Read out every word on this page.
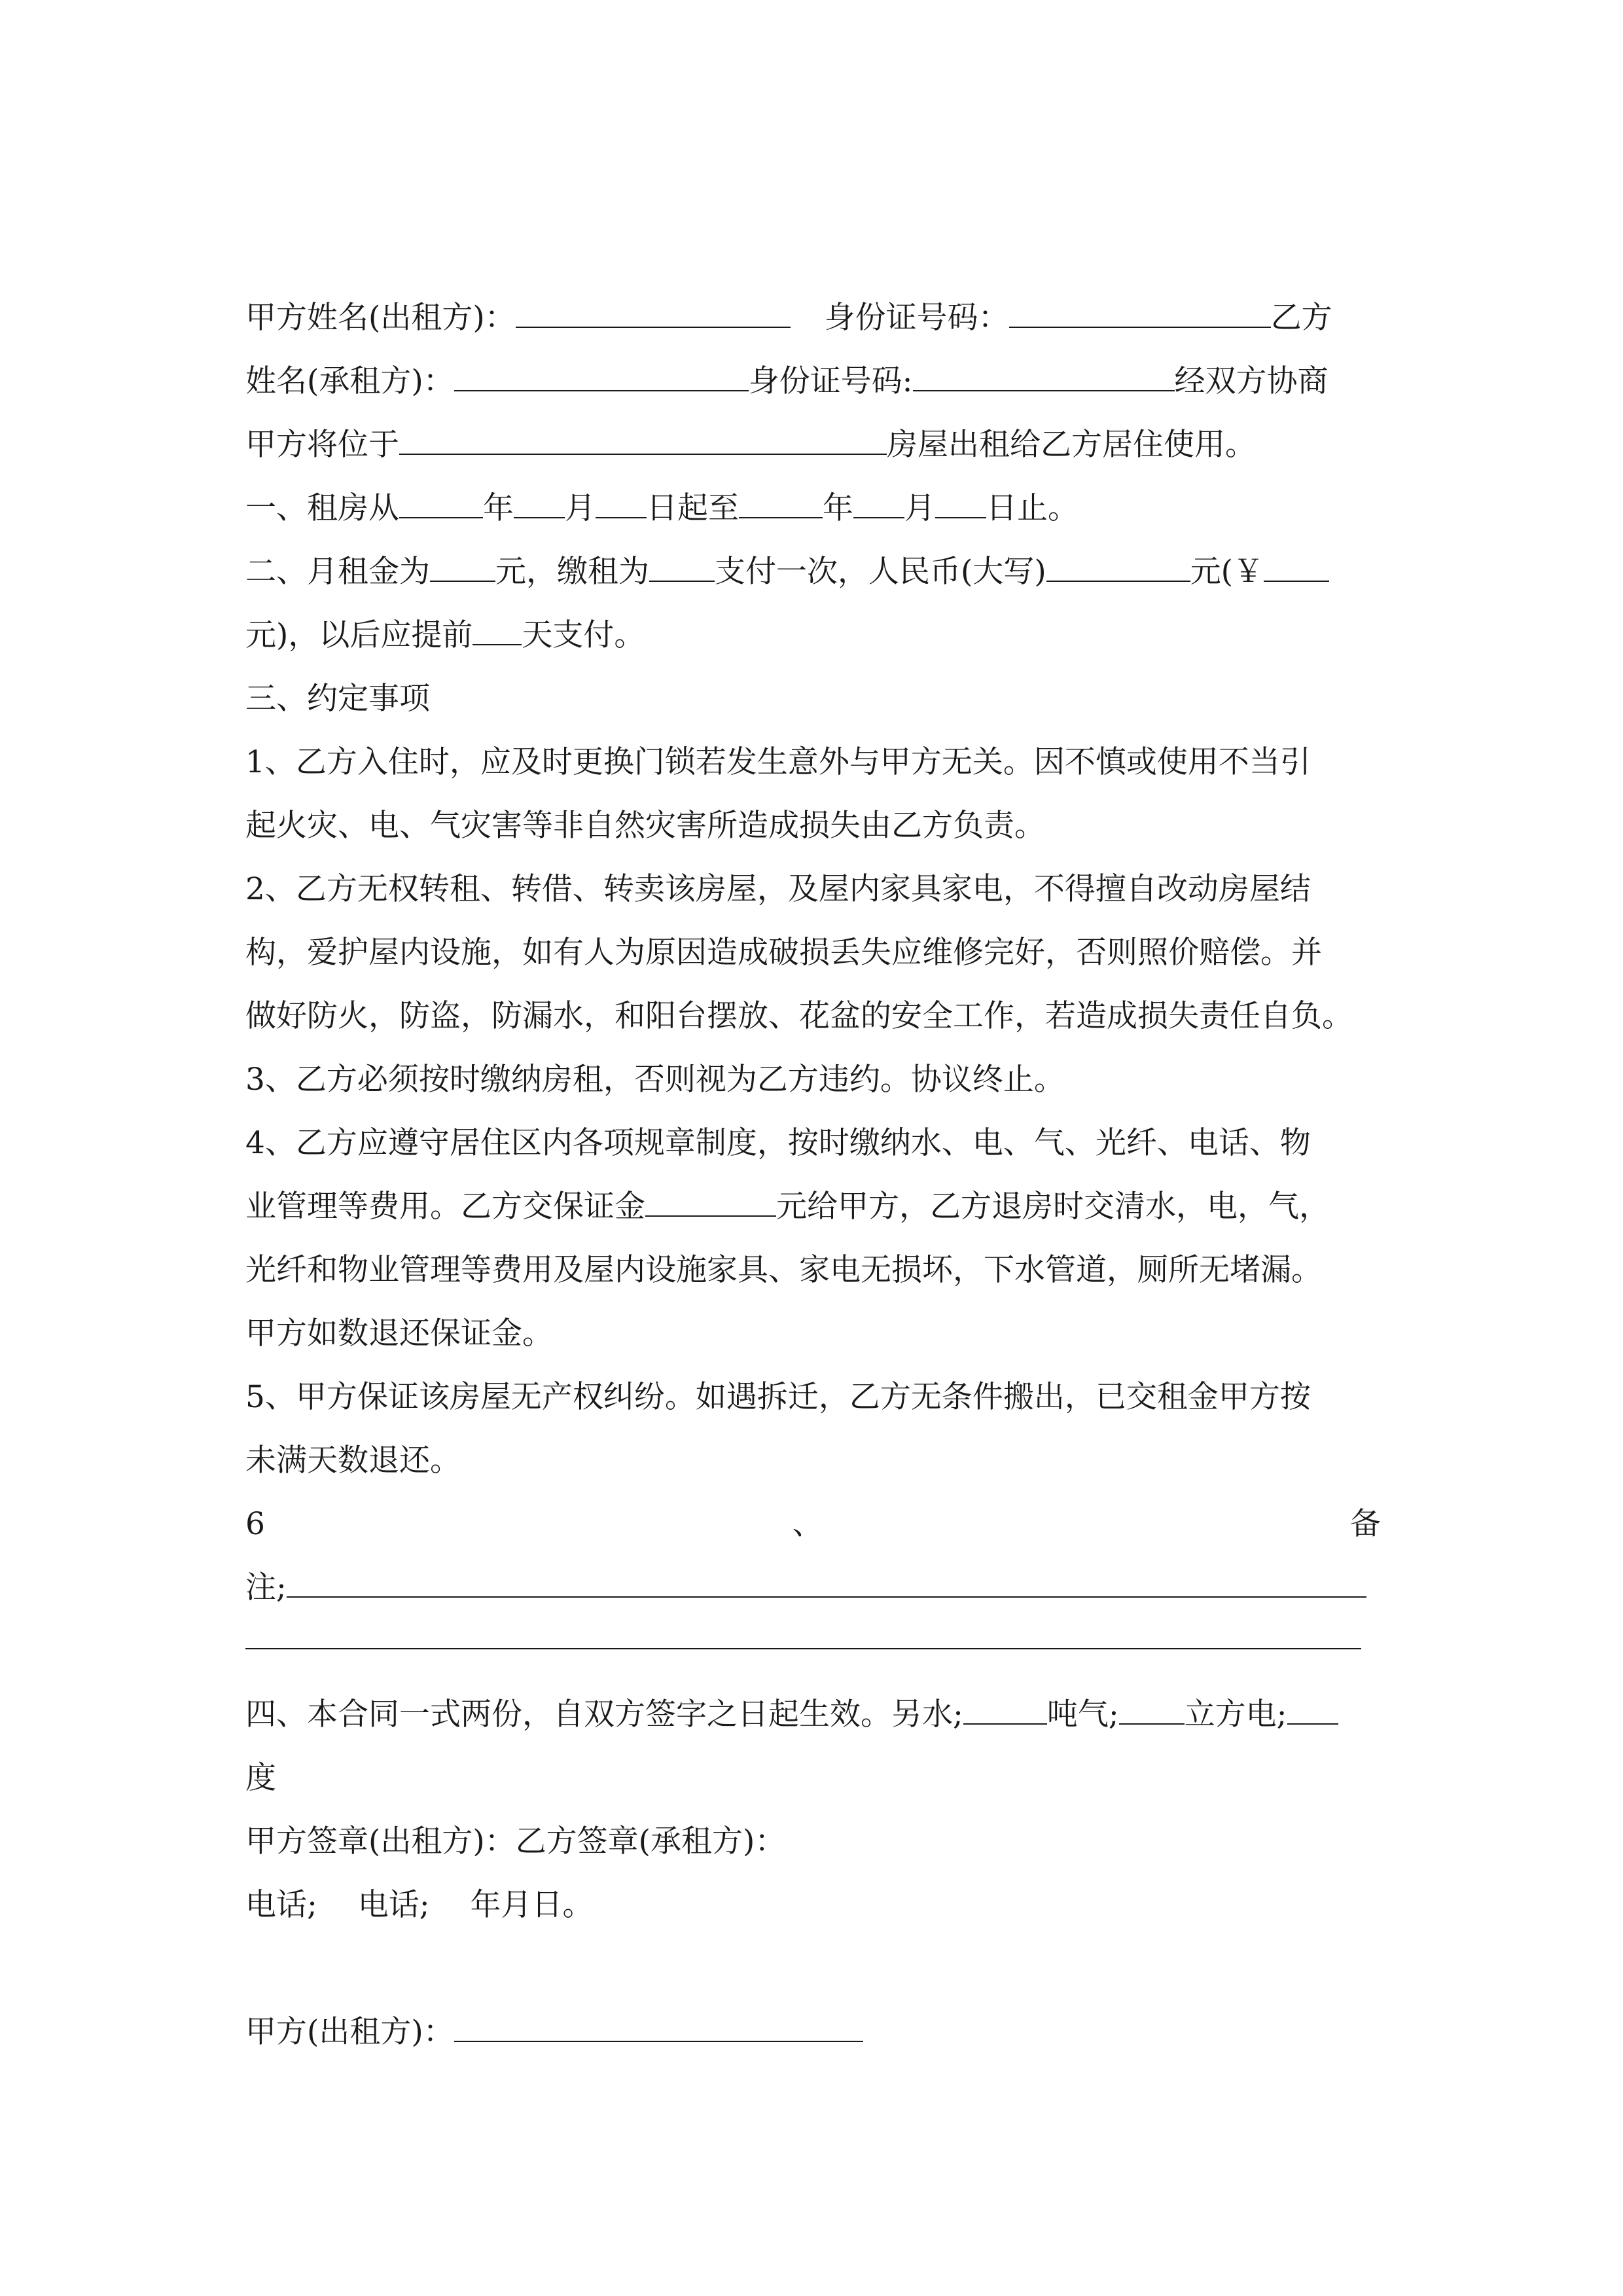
甲方姓名(出租方)：	身份证号码：	乙方
姓名(承租方)：	身份证号码:	经双方协商
甲方将位于	房屋出租给乙方居住使用。
一、租房从	年 月 日起至	年 月 日止。
二、月租金为 元，缴租为 支付一次，人民币(大写)	元(￥
元)，以后应提前 天支付。
三、约定事项
1、乙方入住时，应及时更换门锁若发生意外与甲方无关。因不慎或使用不当引
起火灾、电、气灾害等非自然灾害所造成损失由乙方负责。
2、乙方无权转租、转借、转卖该房屋，及屋内家具家电，不得擅自改动房屋结
构，爱护屋内设施，如有人为原因造成破损丢失应维修完好，否则照价赔偿。并
做好防火，防盗，防漏水，和阳台摆放、花盆的安全工作，若造成损失责任自负。
3、乙方必须按时缴纳房租，否则视为乙方违约。协议终止。
4、乙方应遵守居住区内各项规章制度，按时缴纳水、电、气、光纤、电话、物
业管理等费用。乙方交保证金	元给甲方，乙方退房时交清水，电，气，
光纤和物业管理等费用及屋内设施家具、家电无损坏，下水管道，厕所无堵漏。
甲方如数退还保证金。
5、甲方保证该房屋无产权纠纷。如遇拆迁，乙方无条件搬出，已交租金甲方按
未满天数退还。
6	、	备
注;
四、本合同一式两份，自双方签字之日起生效。另水;	吨气; 立方电;
度
甲方签章(出租方)：乙方签章(承租方)：
电话;　 电话;　 年月日。
甲方(出租方)：
